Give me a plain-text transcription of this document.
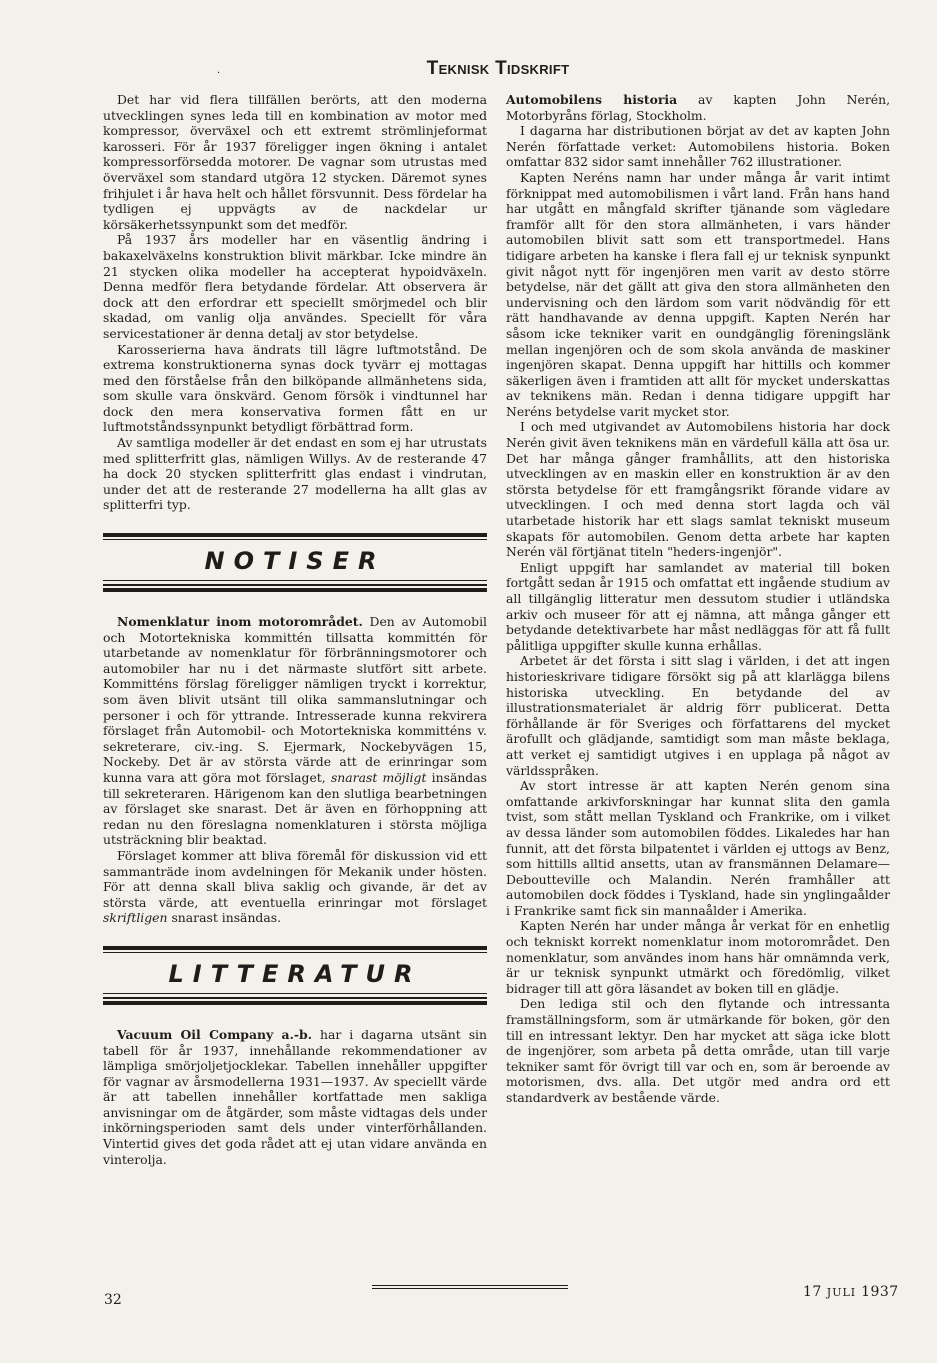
Teknisk Tidskrift
·

Det har vid flera tillfällen berörts, att den moderna utvecklingen synes leda till en kombination av motor med kompressor, överväxel och ett extremt strömlinjeformat karosseri. För år 1937 föreligger ingen ökning i antalet kompressorförsedda motorer. De vagnar som utrustas med överväxel som standard utgöra 12 stycken. Däremot synes frihjulet i år hava helt och hållet försvunnit. Dess fördelar ha tydligen ej uppvägts av de nackdelar ur körsäkerhetssynpunkt som det medför.

På 1937 års modeller har en väsentlig ändring i bakaxelväxelns konstruktion blivit märkbar. Icke mindre än 21 stycken olika modeller ha accepterat hypoidväxeln. Denna medför flera betydande fördelar. Att observera är dock att den erfordrar ett speciellt smörjmedel och blir skadad, om vanlig olja användes. Speciellt för våra servicestationer är denna detalj av stor betydelse.

Karosserierna hava ändrats till lägre luftmotstånd. De extrema konstruktionerna synas dock tyvärr ej mottagas med den förståelse från den bilköpande allmänhetens sida, som skulle vara önskvärd. Genom försök i vindtunnel har dock den mera konservativa formen fått en ur luftmotståndssynpunkt betydligt förbättrad form.

Av samtliga modeller är det endast en som ej har utrustats med splitterfritt glas, nämligen Willys. Av de resterande 47 ha dock 20 stycken splitterfritt glas endast i vindrutan, under det att de resterande 27 modellerna ha allt glas av splitterfri typ.

NOTISER

Nomenklatur inom motorområdet. Den av Automobil och Motortekniska kommittén tillsatta kommittén för utarbetande av nomenklatur för förbränningsmotorer och automobiler har nu i det närmaste slutfört sitt arbete. Kommitténs förslag föreligger nämligen tryckt i korrektur, som även blivit utsänt till olika sammanslutningar och personer i och för yttrande. Intresserade kunna rekvirera förslaget från Automobil- och Motortekniska kommitténs v. sekreterare, civ.-ing. S. Ejermark, Nockebyvägen 15, Nockeby. Det är av största värde att de erinringar som kunna vara att göra mot förslaget, snarast möjligt insändas till sekreteraren. Härigenom kan den slutliga bearbetningen av förslaget ske snarast. Det är även en förhoppning att redan nu den föreslagna nomenklaturen i största möjliga utsträckning blir beaktad.

Förslaget kommer att bliva föremål för diskussion vid ett sammanträde inom avdelningen för Mekanik under hösten. För att denna skall bliva saklig och givande, är det av största värde, att eventuella erinringar mot förslaget skriftligen snarast insändas.

LITTERATUR

Vacuum Oil Company a.-b. har i dagarna utsänt sin tabell för år 1937, innehållande rekommendationer av lämpliga smörjoljetjocklekar. Tabellen innehåller uppgifter för vagnar av årsmodellerna 1931—1937. Av speciellt värde är att tabellen innehåller kortfattade men sakliga anvisningar om de åtgärder, som måste vidtagas dels under inkörningsperioden samt dels under vinterförhållanden. Vintertid gives det goda rådet att ej utan vidare använda en vinterolja.

Automobilens historia av kapten John Nerén, Motorbyråns förlag, Stockholm.

I dagarna har distributionen börjat av det av kapten John Nerén författade verket: Automobilens historia. Boken omfattar 832 sidor samt innehåller 762 illustrationer.

Kapten Neréns namn har under många år varit intimt förknippat med automobilismen i vårt land. Från hans hand har utgått en mångfald skrifter tjänande som vägledare framför allt för den stora allmänheten, i vars händer automobilen blivit satt som ett transportmedel. Hans tidigare arbeten ha kanske i flera fall ej ur teknisk synpunkt givit något nytt för ingenjören men varit av desto större betydelse, när det gällt att giva den stora allmänheten den undervisning och den lärdom som varit nödvändig för ett rätt handhavande av denna uppgift. Kapten Nerén har såsom icke tekniker varit en oundgänglig föreningslänk mellan ingenjören och de som skola använda de maskiner ingenjören skapat. Denna uppgift har hittills och kommer säkerligen även i framtiden att allt för mycket underskattas av teknikens män. Redan i denna tidigare uppgift har Neréns betydelse varit mycket stor.

I och med utgivandet av Automobilens historia har dock Nerén givit även teknikens män en värdefull källa att ösa ur. Det har många gånger framhållits, att den historiska utvecklingen av en maskin eller en konstruktion är av den största betydelse för ett framgångsrikt förande vidare av utvecklingen. I och med denna stort lagda och väl utarbetade historik har ett slags samlat tekniskt museum skapats för automobilen. Genom detta arbete har kapten Nerén väl förtjänat titeln "heders-ingenjör".

Enligt uppgift har samlandet av material till boken fortgått sedan år 1915 och omfattat ett ingående studium av all tillgänglig litteratur men dessutom studier i utländska arkiv och museer för att ej nämna, att många gånger ett betydande detektivarbete har måst nedläggas för att få fullt pålitliga uppgifter skulle kunna erhållas.

Arbetet är det första i sitt slag i världen, i det att ingen historieskrivare tidigare försökt sig på att klarlägga bilens historiska utveckling. En betydande del av illustrationsmaterialet är aldrig förr publicerat. Detta förhållande är för Sveriges och författarens del mycket ärofullt och glädjande, samtidigt som man måste beklaga, att verket ej samtidigt utgives i en upplaga på något av världsspråken.

Av stort intresse är att kapten Nerén genom sina omfattande arkivforskningar har kunnat slita den gamla tvist, som stått mellan Tyskland och Frankrike, om i vilket av dessa länder som automobilen föddes. Likaledes har han funnit, att det första bilpatentet i världen ej uttogs av Benz, som hittills alltid ansetts, utan av fransmännen Delamare—Deboutteville och Malandin. Nerén framhåller att automobilen dock föddes i Tyskland, hade sin ynglingaålder i Frankrike samt fick sin mannaålder i Amerika.

Kapten Nerén har under många år verkat för en enhetlig och tekniskt korrekt nomenklatur inom motorområdet. Den nomenklatur, som användes inom hans här omnämnda verk, är ur teknisk synpunkt utmärkt och föredömlig, vilket bidrager till att göra läsandet av boken till en glädje.

Den lediga stil och den flytande och intressanta framställningsform, som är utmärkande för boken, gör den till en intressant lektyr. Den har mycket att säga icke blott de ingenjörer, som arbeta på detta område, utan till varje tekniker samt för övrigt till var och en, som är beroende av motorismen, dvs. alla. Det utgör med andra ord ett standardverk av bestående värde.

32	17 JULI 1937
